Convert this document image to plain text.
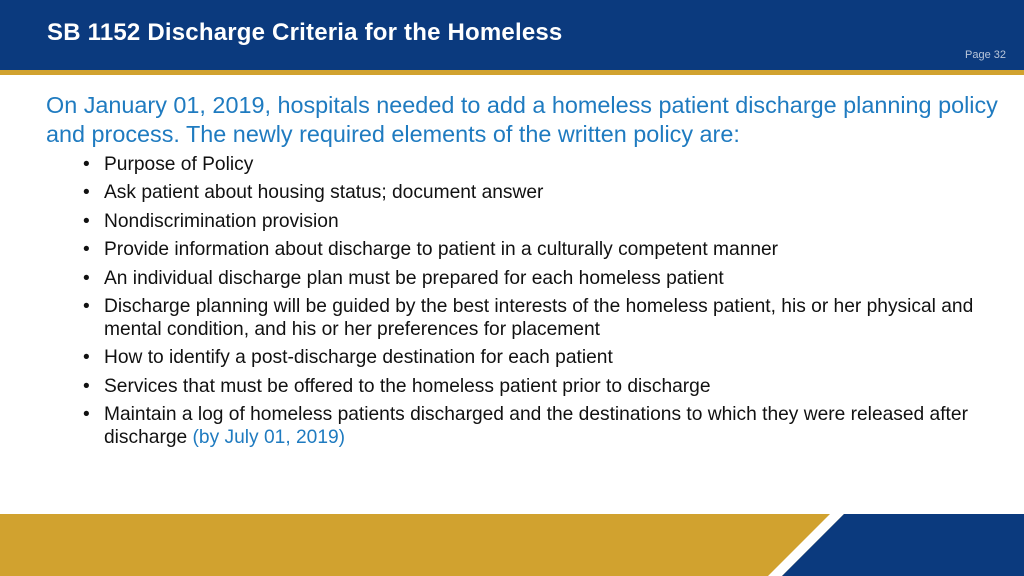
SB 1152 Discharge Criteria for the Homeless
Page 32

On January 01, 2019, hospitals needed to add a homeless patient discharge planning policy and process. The newly required elements of the written policy are:

• Purpose of Policy
• Ask patient about housing status; document answer
• Nondiscrimination provision
• Provide information about discharge to patient in a culturally competent manner
• An individual discharge plan must be prepared for each homeless patient
• Discharge planning will be guided by the best interests of the homeless patient, his or her physical and mental condition, and his or her preferences for placement
• How to identify a post-discharge destination for each patient
• Services that must be offered to the homeless patient prior to discharge
• Maintain a log of homeless patients discharged and the destinations to which they were released after discharge (by July 01, 2019)
